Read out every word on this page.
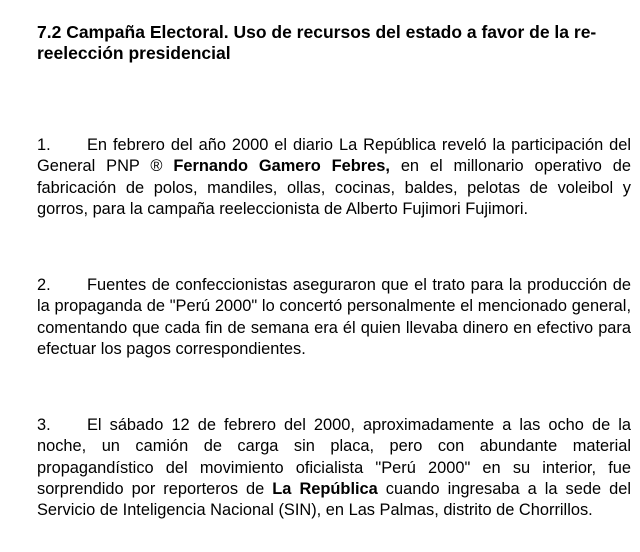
7.2 Campaña Electoral. Uso de recursos del estado a favor de la re-reelección presidencial

1. En febrero del año 2000 el diario La República reveló la participación del General PNP ® Fernando Gamero Febres, en el millonario operativo de fabricación de polos, mandiles, ollas, cocinas, baldes, pelotas de voleibol y gorros, para la campaña reeleccionista de Alberto Fujimori Fujimori.

2. Fuentes de confeccionistas aseguraron que el trato para la producción de la propaganda de "Perú 2000" lo concertó personalmente el mencionado general, comentando que cada fin de semana era él quien llevaba dinero en efectivo para efectuar los pagos correspondientes.

3. El sábado 12 de febrero del 2000, aproximadamente a las ocho de la noche, un camión de carga sin placa, pero con abundante material propagandístico del movimiento oficialista "Perú 2000" en su interior, fue sorprendido por reporteros de La República cuando ingresaba a la sede del Servicio de Inteligencia Nacional (SIN), en Las Palmas, distrito de Chorrillos.
